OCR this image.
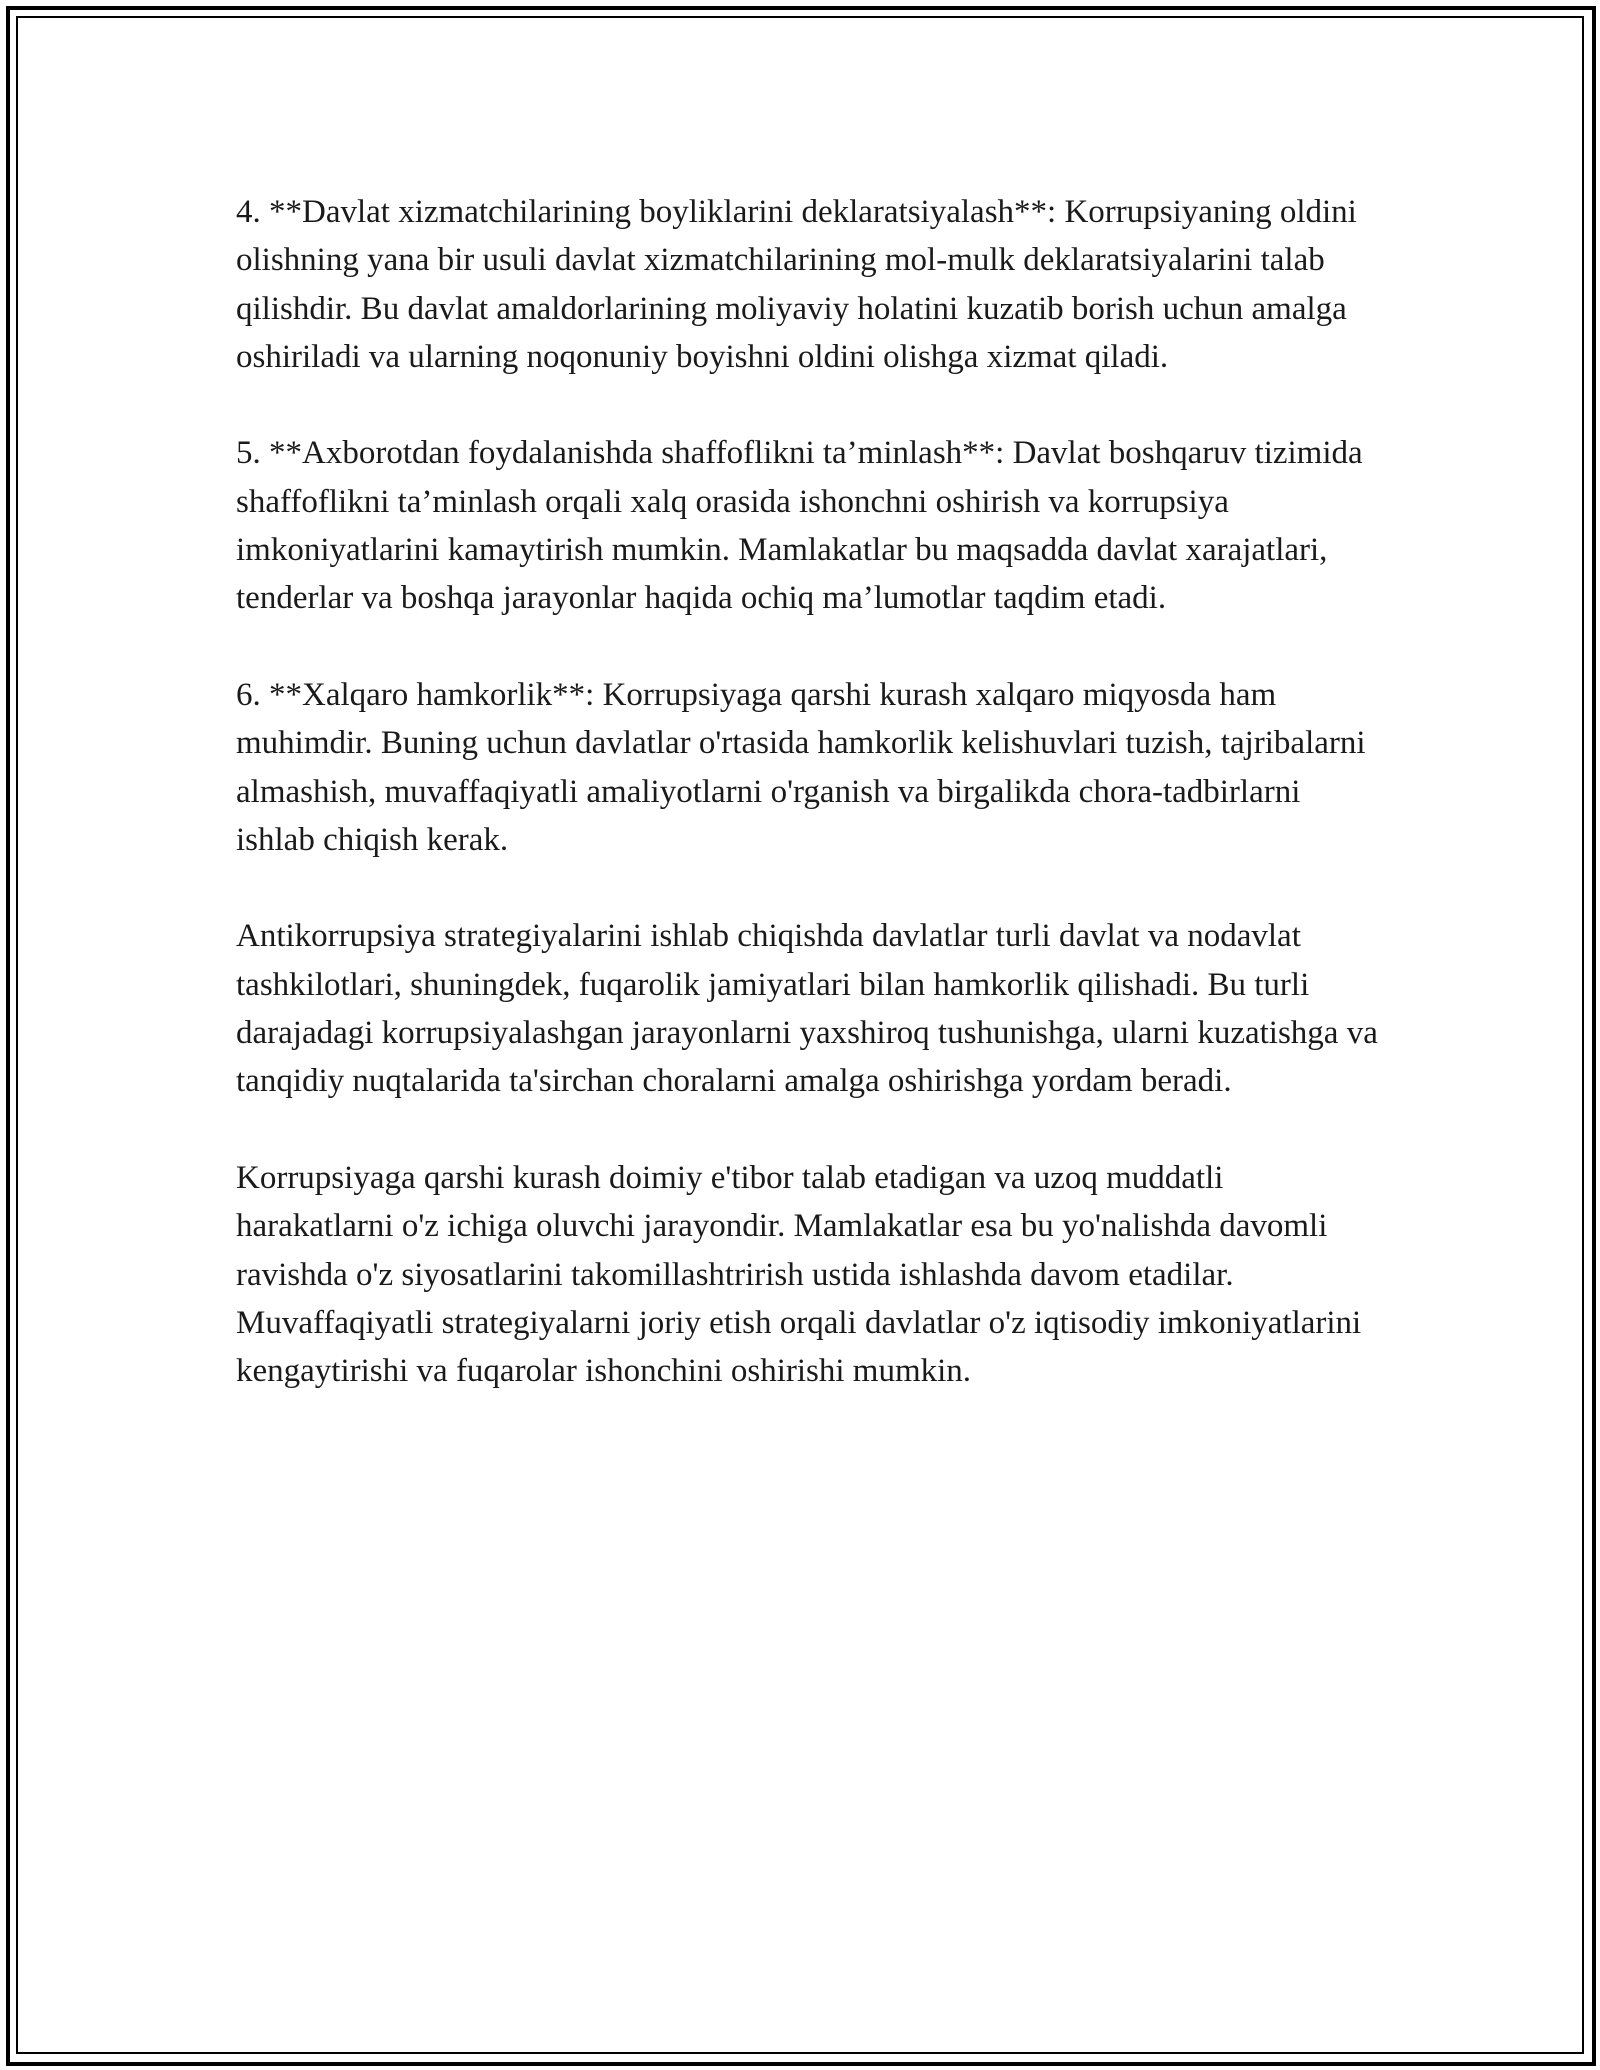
4. **Davlat xizmatchilarining boyliklarini deklaratsiyalash**: Korrupsiyaning oldini olishning yana bir usuli davlat xizmatchilarining mol-mulk deklaratsiyalarini talab qilishdir. Bu davlat amaldorlarining moliyaviy holatini kuzatib borish uchun amalga oshiriladi va ularning noqonuniy boyishni oldini olishga xizmat qiladi.

5. **Axborotdan foydalanishda shaffoflikni ta’minlash**: Davlat boshqaruv tizimida shaffoflikni ta’minlash orqali xalq orasida ishonchni oshirish va korrupsiya imkoniyatlarini kamaytirish mumkin. Mamlakatlar bu maqsadda davlat xarajatlari, tenderlar va boshqa jarayonlar haqida ochiq ma’lumotlar taqdim etadi.

6. **Xalqaro hamkorlik**: Korrupsiyaga qarshi kurash xalqaro miqyosda ham muhimdir. Buning uchun davlatlar o'rtasida hamkorlik kelishuvlari tuzish, tajribalarni almashish, muvaffaqiyatli amaliyotlarni o'rganish va birgalikda chora-tadbirlarni ishlab chiqish kerak.

Antikorrupsiya strategiyalarini ishlab chiqishda davlatlar turli davlat va nodavlat tashkilotlari, shuningdek, fuqarolik jamiyatlari bilan hamkorlik qilishadi. Bu turli darajadagi korrupsiyalashgan jarayonlarni yaxshiroq tushunishga, ularni kuzatishga va tanqidiy nuqtalarida ta'sirchan choralarni amalga oshirishga yordam beradi.

Korrupsiyaga qarshi kurash doimiy e'tibor talab etadigan va uzoq muddatli harakatlarni o'z ichiga oluvchi jarayondir. Mamlakatlar esa bu yo'nalishda davomli ravishda o'z siyosatlarini takomillashtrirish ustida ishlashda davom etadilar. Muvaffaqiyatli strategiyalarni joriy etish orqali davlatlar o'z iqtisodiy imkoniyatlarini kengaytirishi va fuqarolar ishonchini oshirishi mumkin.
